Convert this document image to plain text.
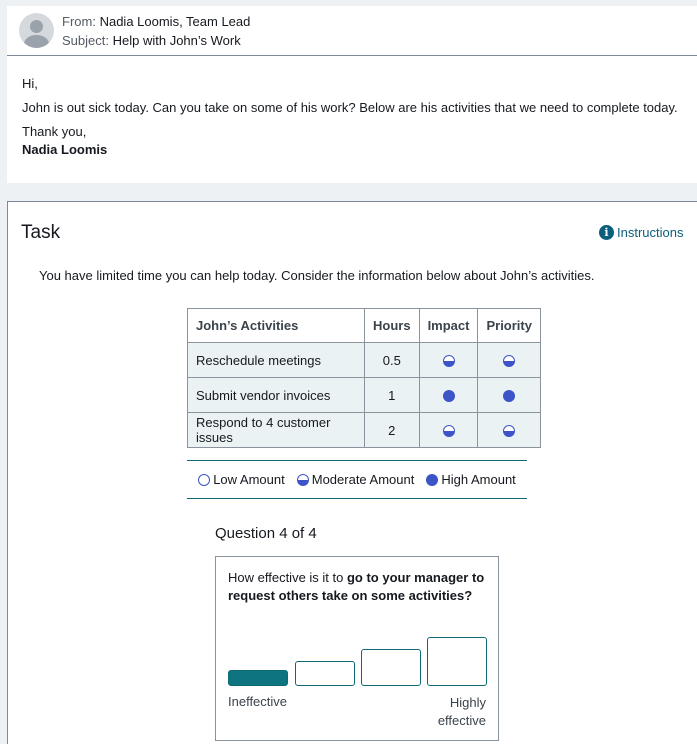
From: Nadia Loomis, Team Lead
Subject: Help with John’s Work

Hi,

John is out sick today. Can you take on some of his work? Below are his activities that we need to complete today.

Thank you,

Nadia Loomis

Task	i Instructions
You have limited time you can help today. Consider the information below about John’s activities.
John’s Activities	Hours	Impact	Priority
Reschedule meetings	0.5		
Submit vendor invoices	1		
Respond to 4 customer issues	2		
Low Amount Moderate Amount High Amount
Question 4 of 4
How effective is it to go to your manager to request others take on some activities?
Ineffective	Highly effective
